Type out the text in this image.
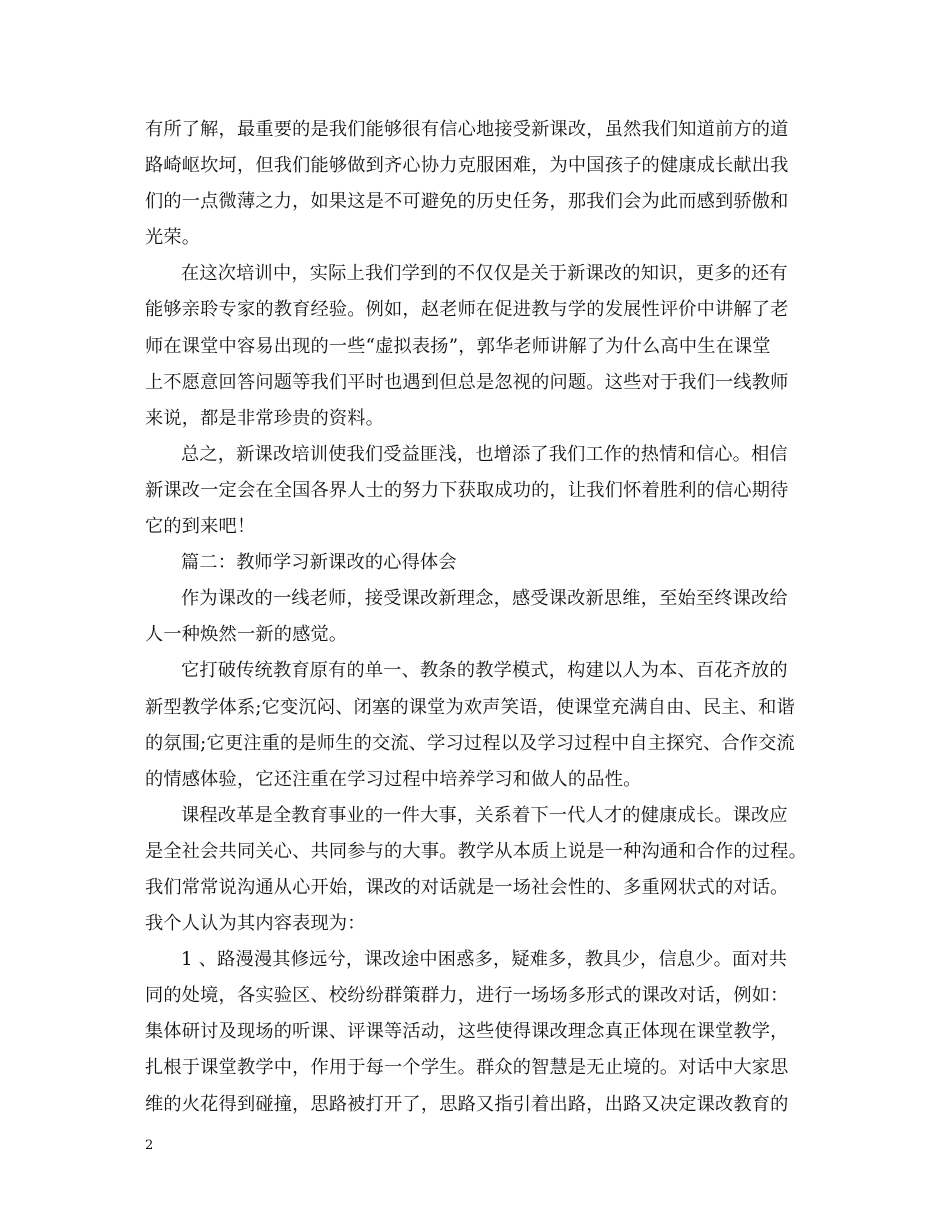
有所了解，最重要的是我们能够很有信心地接受新课改，虽然我们知道前方的道
路崎岖坎坷，但我们能够做到齐心协力克服困难，为中国孩子的健康成长献出我
们的一点微薄之力，如果这是不可避免的历史任务，那我们会为此而感到骄傲和
光荣。
在这次培训中，实际上我们学到的不仅仅是关于新课改的知识，更多的还有
能够亲聆专家的教育经验。例如，赵老师在促进教与学的发展性评价中讲解了老
师在课堂中容易出现的一些“虚拟表扬”，郭华老师讲解了为什么高中生在课堂
上不愿意回答问题等我们平时也遇到但总是忽视的问题。这些对于我们一线教师
来说，都是非常珍贵的资料。
总之，新课改培训使我们受益匪浅，也增添了我们工作的热情和信心。相信
新课改一定会在全国各界人士的努力下获取成功的，让我们怀着胜利的信心期待
它的到来吧！
篇二：教师学习新课改的心得体会
作为课改的一线老师，接受课改新理念，感受课改新思维，至始至终课改给
人一种焕然一新的感觉。
它打破传统教育原有的单一、教条的教学模式，构建以人为本、百花齐放的
新型教学体系;它变沉闷、闭塞的课堂为欢声笑语，使课堂充满自由、民主、和谐
的氛围;它更注重的是师生的交流、学习过程以及学习过程中自主探究、合作交流
的情感体验，它还注重在学习过程中培养学习和做人的品性。
课程改革是全教育事业的一件大事，关系着下一代人才的健康成长。课改应
是全社会共同关心、共同参与的大事。教学从本质上说是一种沟通和合作的过程。
我们常常说沟通从心开始，课改的对话就是一场社会性的、多重网状式的对话。
我个人认为其内容表现为：
1 、路漫漫其修远兮，课改途中困惑多，疑难多，教具少，信息少。面对共
同的处境，各实验区、校纷纷群策群力，进行一场场多形式的课改对话，例如：
集体研讨及现场的听课、评课等活动，这些使得课改理念真正体现在课堂教学，
扎根于课堂教学中，作用于每一个学生。群众的智慧是无止境的。对话中大家思
维的火花得到碰撞，思路被打开了，思路又指引着出路，出路又决定课改教育的
2
